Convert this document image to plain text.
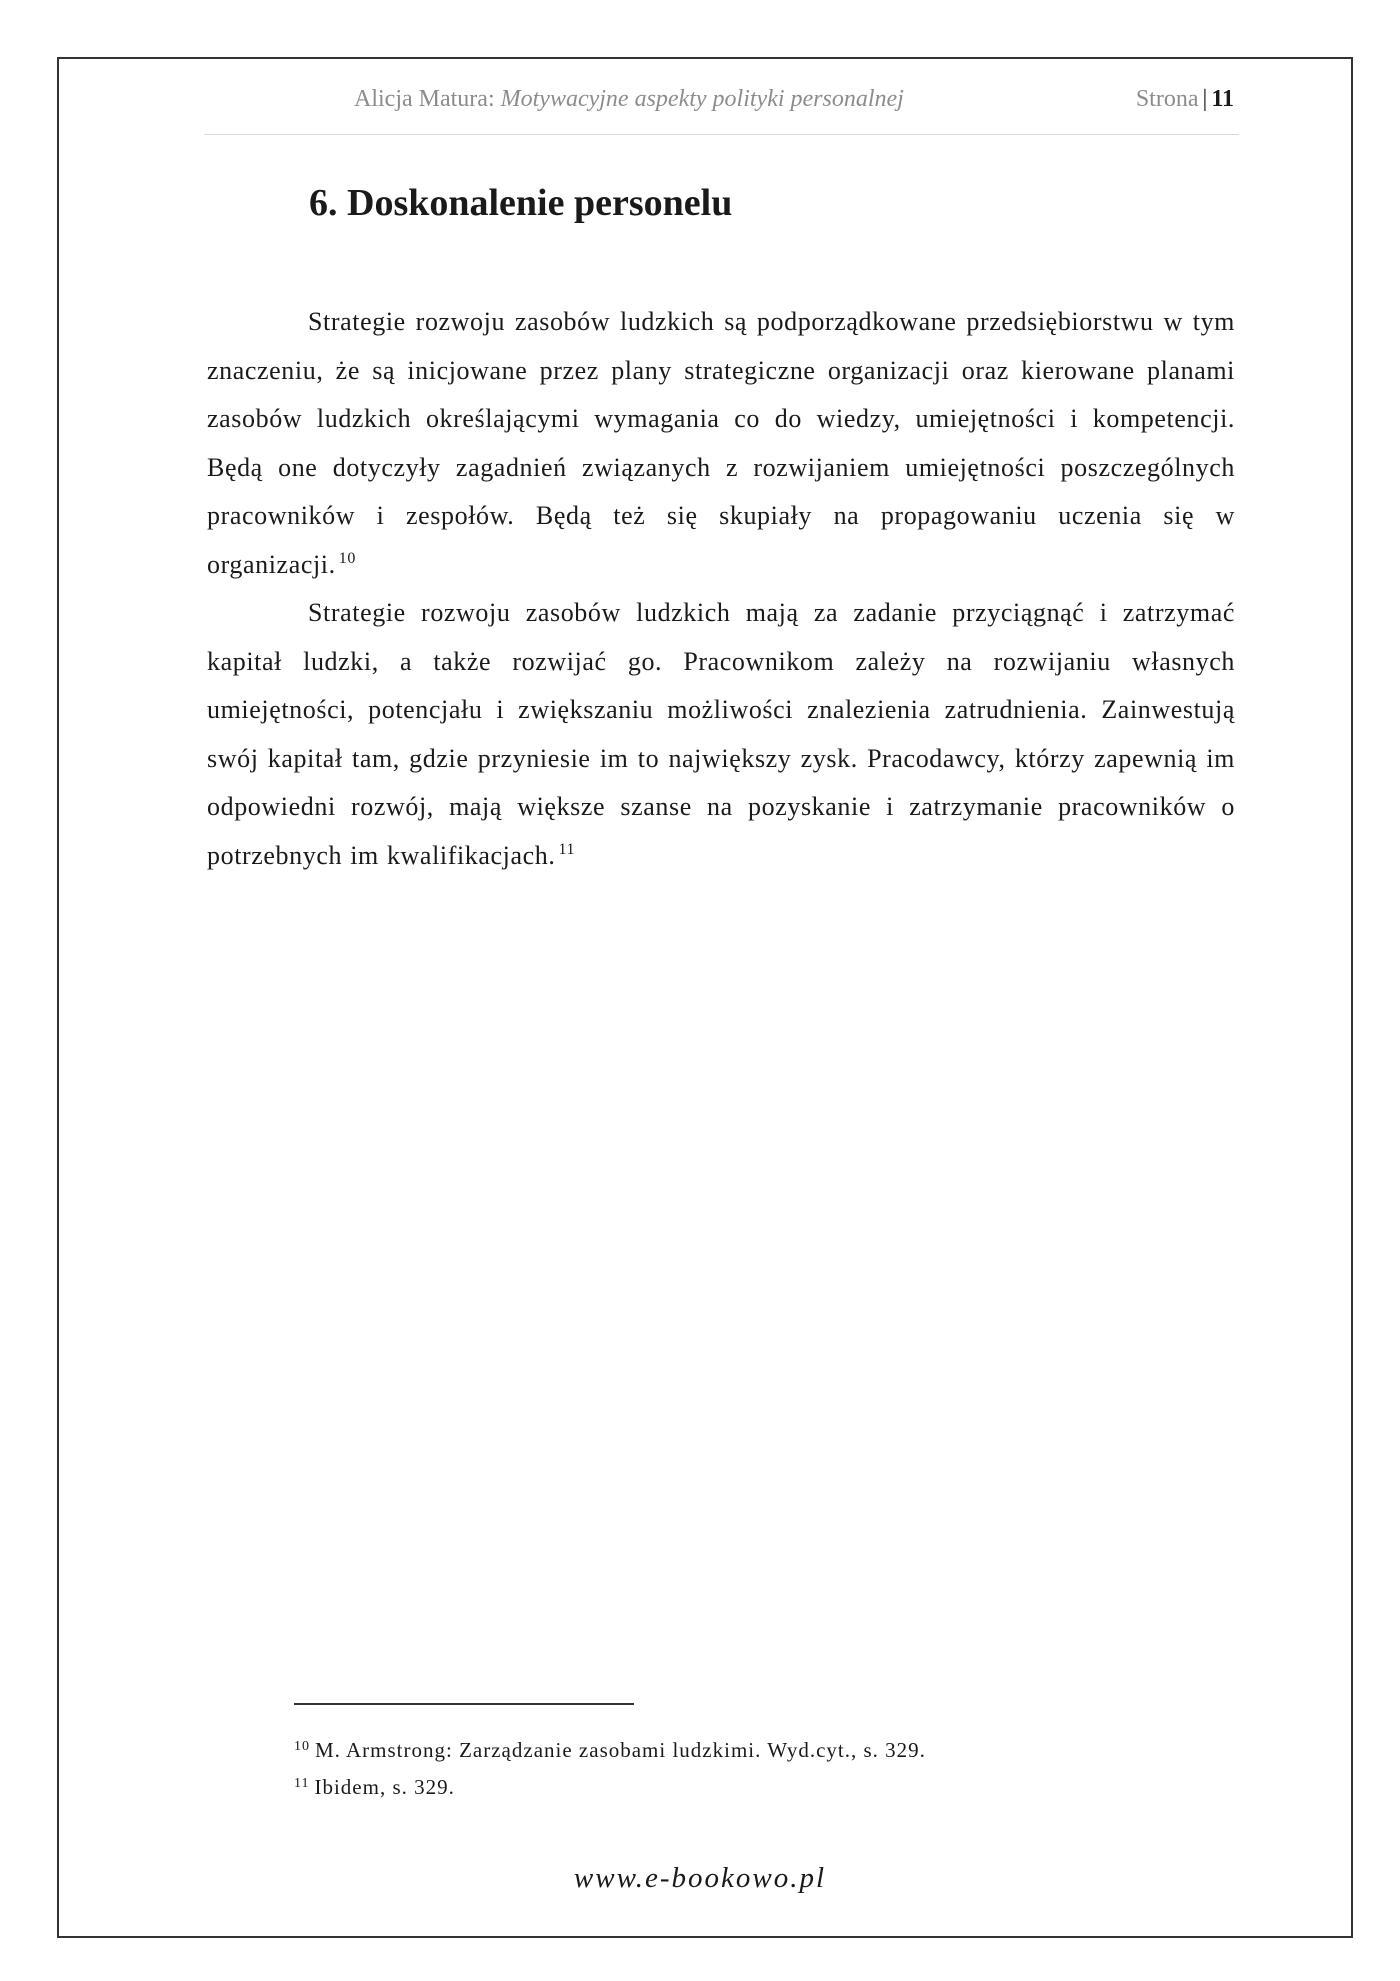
Alicja Matura: Motywacyjne aspekty polityki personalnej	Strona | 11
6. Doskonalenie personelu

Strategie rozwoju zasobów ludzkich są podporządkowane przedsiębiorstwu w tym znaczeniu, że są inicjowane przez plany strategiczne organizacji oraz kierowane planami zasobów ludzkich określającymi wymagania co do wiedzy, umiejętności i kompetencji. Będą one dotyczyły zagadnień związanych z rozwijaniem umiejętności poszczególnych pracowników i zespołów. Będą też się skupiały na propagowaniu uczenia się w organizacji. $^{10}$

Strategie rozwoju zasobów ludzkich mają za zadanie przyciągnąć i zatrzymać kapitał ludzki, a także rozwijać go. Pracownikom zależy na rozwijaniu własnych umiejętności, potencjału i zwiększaniu możliwości znalezienia zatrudnienia. Zainwestują swój kapitał tam, gdzie przyniesie im to największy zysk. Pracodawcy, którzy zapewnią im odpowiedni rozwój, mają większe szanse na pozyskanie i zatrzymanie pracowników o potrzebnych im kwalifikacjach. $^{11}$

$^{10}$ M. Armstrong: Zarządzanie zasobami ludzkimi. Wyd.cyt., s. 329.
$^{11}$ Ibidem, s. 329.
www.e-bookowo.pl
